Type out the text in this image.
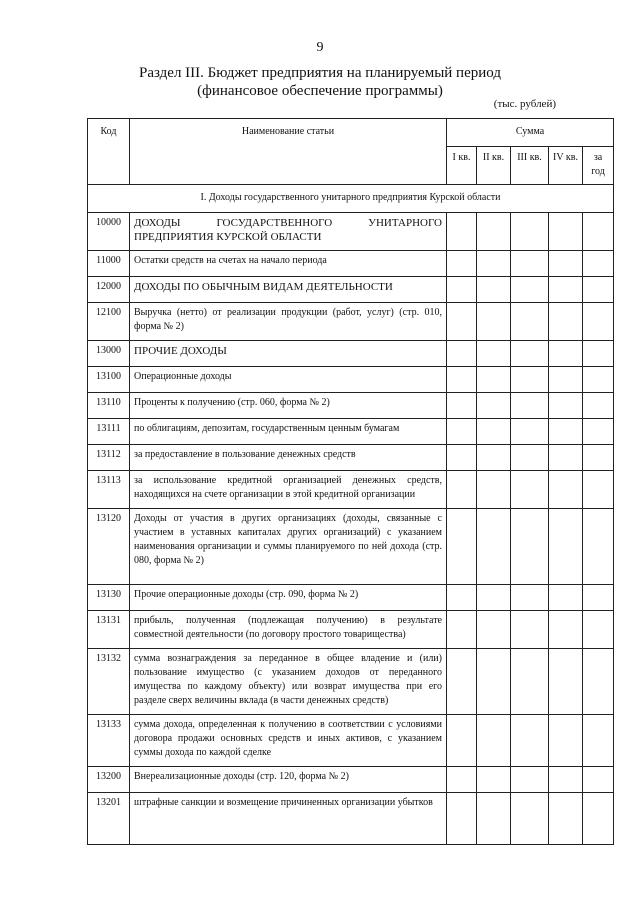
9
Раздел III. Бюджет предприятия на планируемый период
(финансовое обеспечение программы)
(тыс. рублей)
Код	Наименование статьи	Сумма				
		I кв.	II кв.	III кв.	IV кв.	за
год

I. Доходы государственного унитарного предприятия Курской области						
10000	ДОХОДЫ ГОСУДАРСТВЕННОГО УНИТАРНОГО ПРЕДПРИЯТИЯ КУРСКОЙ ОБЛАСТИ					
11000	Остатки средств на счетах на начало периода					
12000	ДОХОДЫ ПО ОБЫЧНЫМ ВИДАМ ДЕЯТЕЛЬНОСТИ					
12100	Выручка (нетто) от реализации продукции (работ, услуг) (стр. 010, форма № 2)					
13000	ПРОЧИЕ ДОХОДЫ					
13100	Операционные доходы					
13110	Проценты к получению (стр. 060, форма № 2)					
13111	по облигациям, депозитам, государственным ценным бумагам					
13112	за предоставление в пользование денежных средств					
13113	за использование кредитной организацией денежных средств, находящихся на счете организации в этой кредитной организации					
13120	Доходы от участия в других организациях (доходы, связанные с участием в уставных капиталах других организаций) с указанием наименования организации и суммы планируемого по ней дохода (стр. 080, форма № 2)					
13130	Прочие операционные доходы (стр. 090, форма № 2)					
13131	прибыль, полученная (подлежащая получению) в результате совместной деятельности (по договору простого товарищества)					
13132	сумма вознаграждения за переданное в общее владение и (или) пользование имущество (с указанием доходов от переданного имущества по каждому объекту) или возврат имущества при его разделе сверх величины вклада (в части денежных средств)					
13133	сумма дохода, определенная к получению в соответствии с условиями договора продажи основных средств и иных активов, с указанием суммы дохода по каждой сделке					
13200	Внереализационные доходы (стр. 120, форма № 2)					
13201	штрафные санкции и возмещение причиненных организации убытков					
